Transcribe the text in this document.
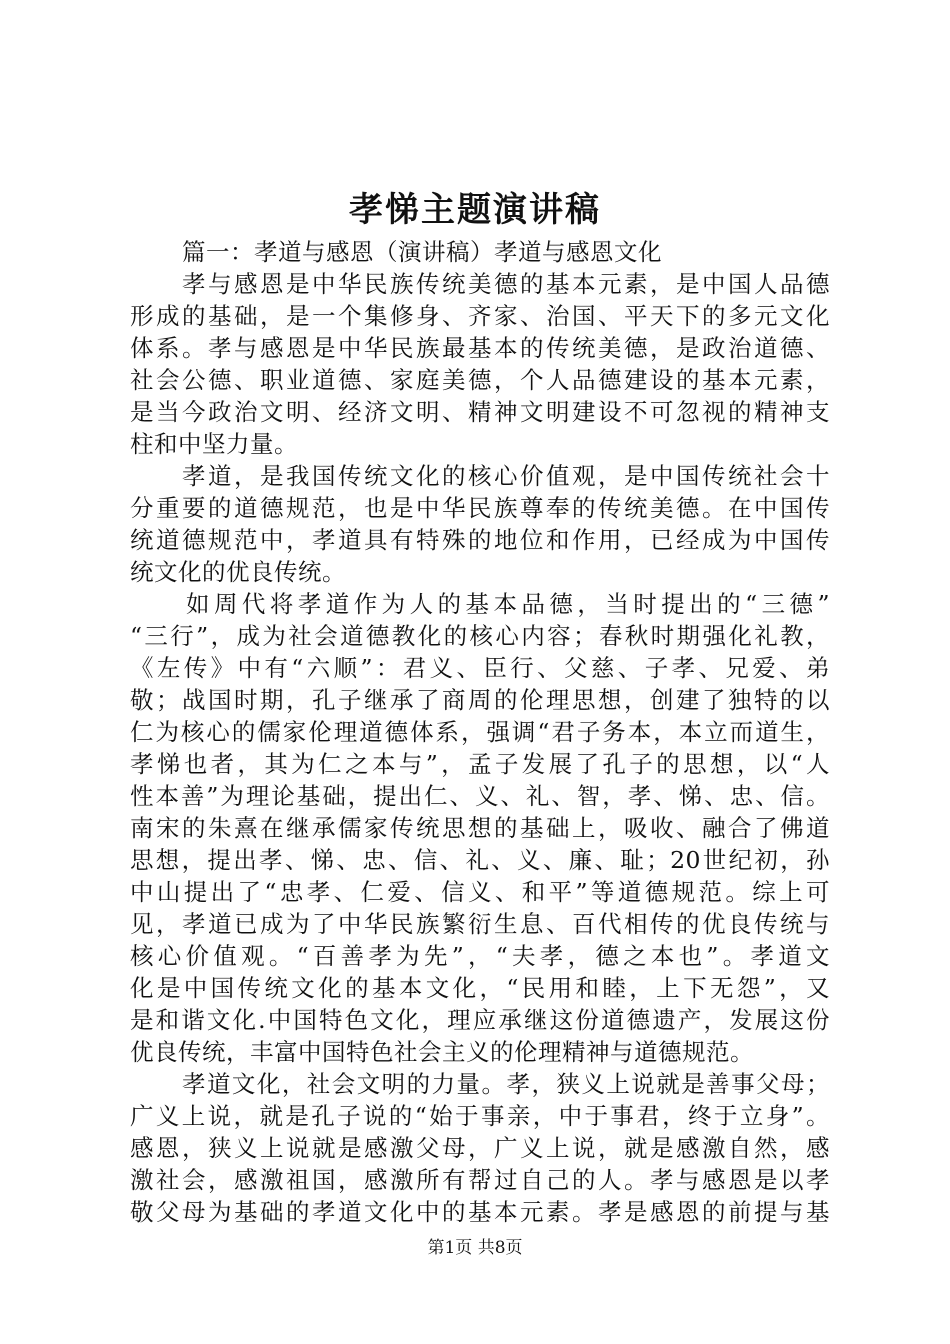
孝悌主题演讲稿
篇一：孝道与感恩（演讲稿）孝道与感恩文化
孝与感恩是中华民族传统美德的基本元素，是中国人品德
形成的基础，是一个集修身、齐家、治国、平天下的多元文化
体系。孝与感恩是中华民族最基本的传统美德，是政治道德、
社会公德、职业道德、家庭美德，个人品德建设的基本元素，
是当今政治文明、经济文明、精神文明建设不可忽视的精神支
柱和中坚力量。
孝道，是我国传统文化的核心价值观，是中国传统社会十
分重要的道德规范，也是中华民族尊奉的传统美德。在中国传
统道德规范中，孝道具有特殊的地位和作用，已经成为中国传
统文化的优良传统。
如周代将孝道作为人的基本品德，当时提出的“三德”
“三行”，成为社会道德教化的核心内容；春秋时期强化礼教，
《左传》中有“六顺”：君义、臣行、父慈、子孝、兄爱、弟
敬；战国时期，孔子继承了商周的伦理思想，创建了独特的以
仁为核心的儒家伦理道德体系，强调“君子务本，本立而道生，
孝悌也者，其为仁之本与”，孟子发展了孔子的思想，以“人
性本善”为理论基础，提出仁、义、礼、智，孝、悌、忠、信。
南宋的朱熹在继承儒家传统思想的基础上，吸收、融合了佛道
思想，提出孝、悌、忠、信、礼、义、廉、耻；20世纪初，孙
中山提出了“忠孝、仁爱、信义、和平”等道德规范。综上可
见，孝道已成为了中华民族繁衍生息、百代相传的优良传统与
核心价值观。“百善孝为先”，“夫孝，德之本也”。孝道文
化是中国传统文化的基本文化，“民用和睦，上下无怨”，又
是和谐文化.中国特色文化，理应承继这份道德遗产，发展这份
优良传统，丰富中国特色社会主义的伦理精神与道德规范。
孝道文化，社会文明的力量。孝，狭义上说就是善事父母；
广义上说，就是孔子说的“始于事亲，中于事君，终于立身”。
感恩，狭义上说就是感激父母，广义上说，就是感激自然，感
激社会，感激祖国，感激所有帮过自己的人。孝与感恩是以孝
敬父母为基础的孝道文化中的基本元素。孝是感恩的前提与基
第1页 共8页
